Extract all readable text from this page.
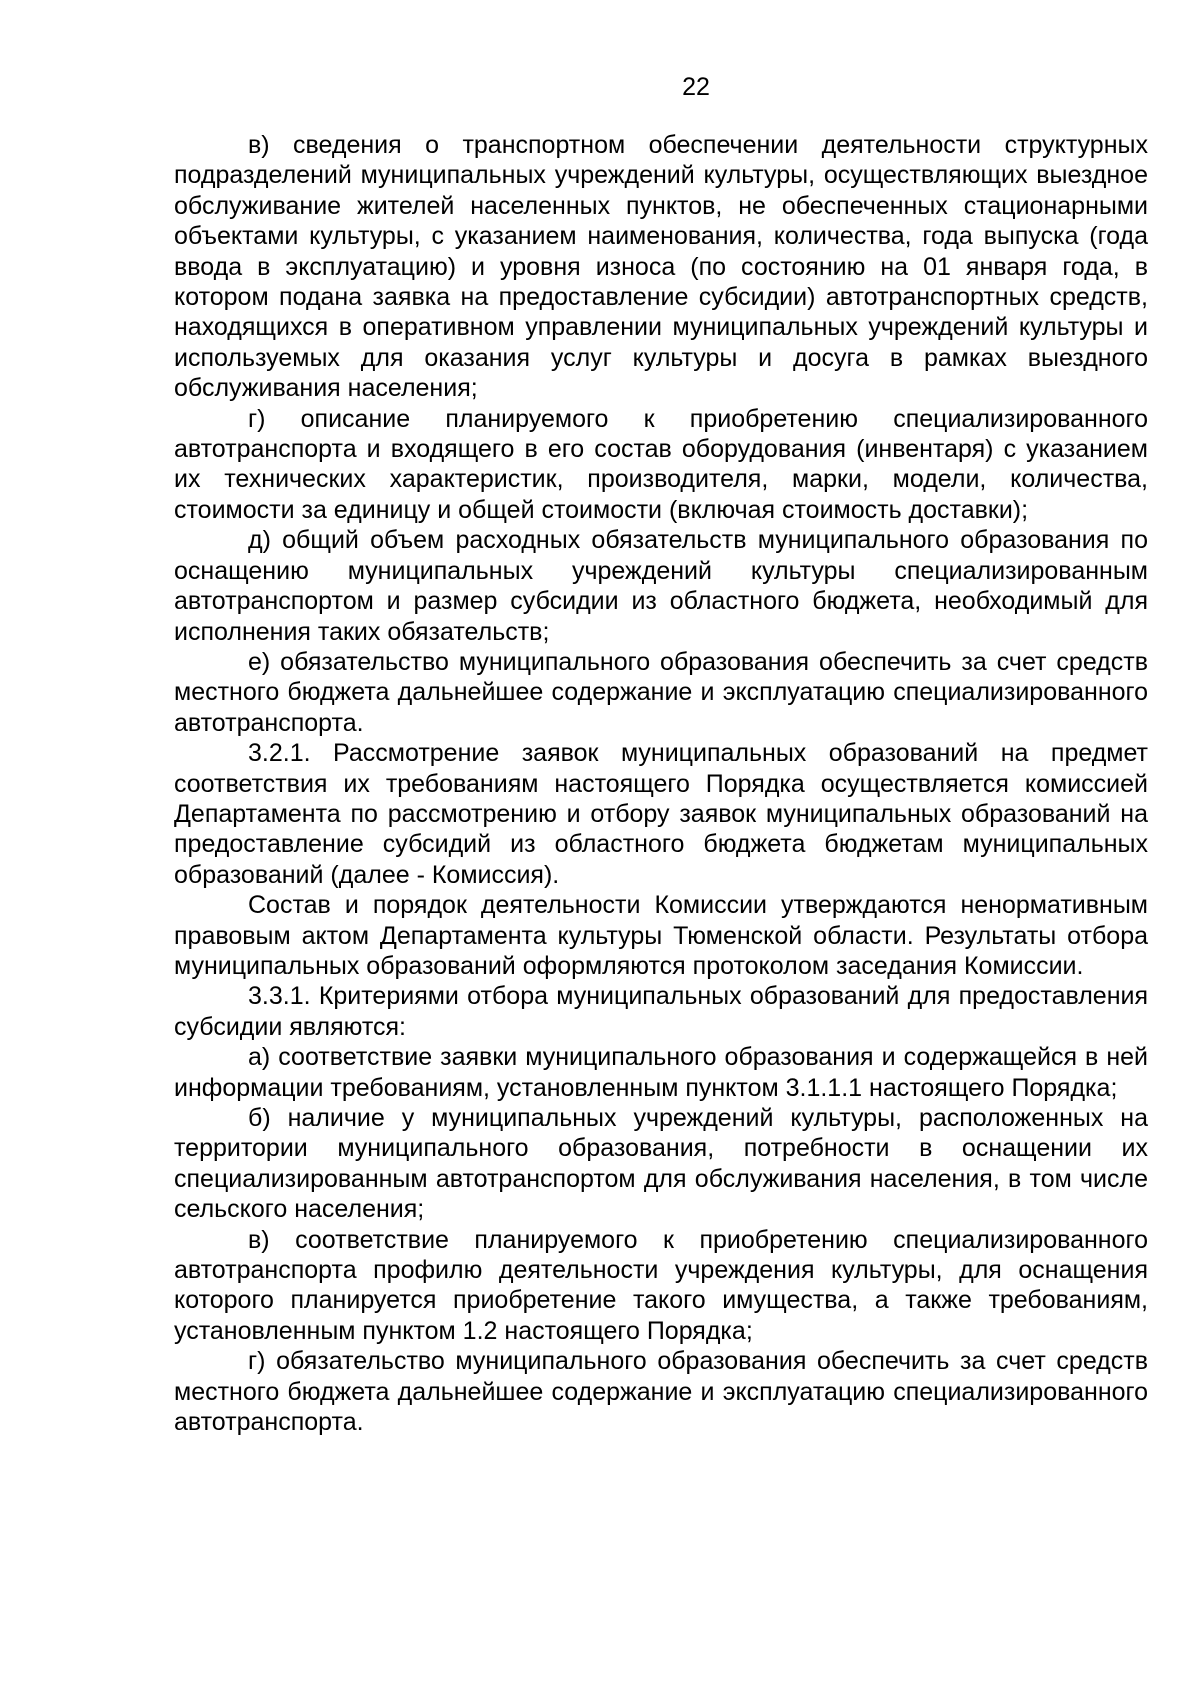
22

в) сведения о транспортном обеспечении деятельности структурных подразделений муниципальных учреждений культуры, осуществляющих выездное обслуживание жителей населенных пунктов, не обеспеченных стационарными объектами культуры, с указанием наименования, количества, года выпуска (года ввода в эксплуатацию) и уровня износа (по состоянию на 01 января года, в котором подана заявка на предоставление субсидии) автотранспортных средств, находящихся в оперативном управлении муниципальных учреждений культуры и используемых для оказания услуг культуры и досуга в рамках выездного обслуживания населения;

г) описание планируемого к приобретению специализированного автотранспорта и входящего в его состав оборудования (инвентаря) с указанием их технических характеристик, производителя, марки, модели, количества, стоимости за единицу и общей стоимости (включая стоимость доставки);

д) общий объем расходных обязательств муниципального образования по оснащению муниципальных учреждений культуры специализированным автотранспортом и размер субсидии из областного бюджета, необходимый для исполнения таких обязательств;

е) обязательство муниципального образования обеспечить за счет средств местного бюджета дальнейшее содержание и эксплуатацию специализированного автотранспорта.

3.2.1. Рассмотрение заявок муниципальных образований на предмет соответствия их требованиям настоящего Порядка осуществляется комиссией Департамента по рассмотрению и отбору заявок муниципальных образований на предоставление субсидий из областного бюджета бюджетам муниципальных образований (далее - Комиссия).

Состав и порядок деятельности Комиссии утверждаются ненормативным правовым актом Департамента культуры Тюменской области. Результаты отбора муниципальных образований оформляются протоколом заседания Комиссии.

3.3.1. Критериями отбора муниципальных образований для предоставления субсидии являются:

а) соответствие заявки муниципального образования и содержащейся в ней информации требованиям, установленным пунктом 3.1.1.1 настоящего Порядка;

б) наличие у муниципальных учреждений культуры, расположенных на территории муниципального образования, потребности в оснащении их специализированным автотранспортом для обслуживания населения, в том числе сельского населения;

в) соответствие планируемого к приобретению специализированного автотранспорта профилю деятельности учреждения культуры, для оснащения которого планируется приобретение такого имущества, а также требованиям, установленным пунктом 1.2 настоящего Порядка;

г) обязательство муниципального образования обеспечить за счет средств местного бюджета дальнейшее содержание и эксплуатацию специализированного автотранспорта.
